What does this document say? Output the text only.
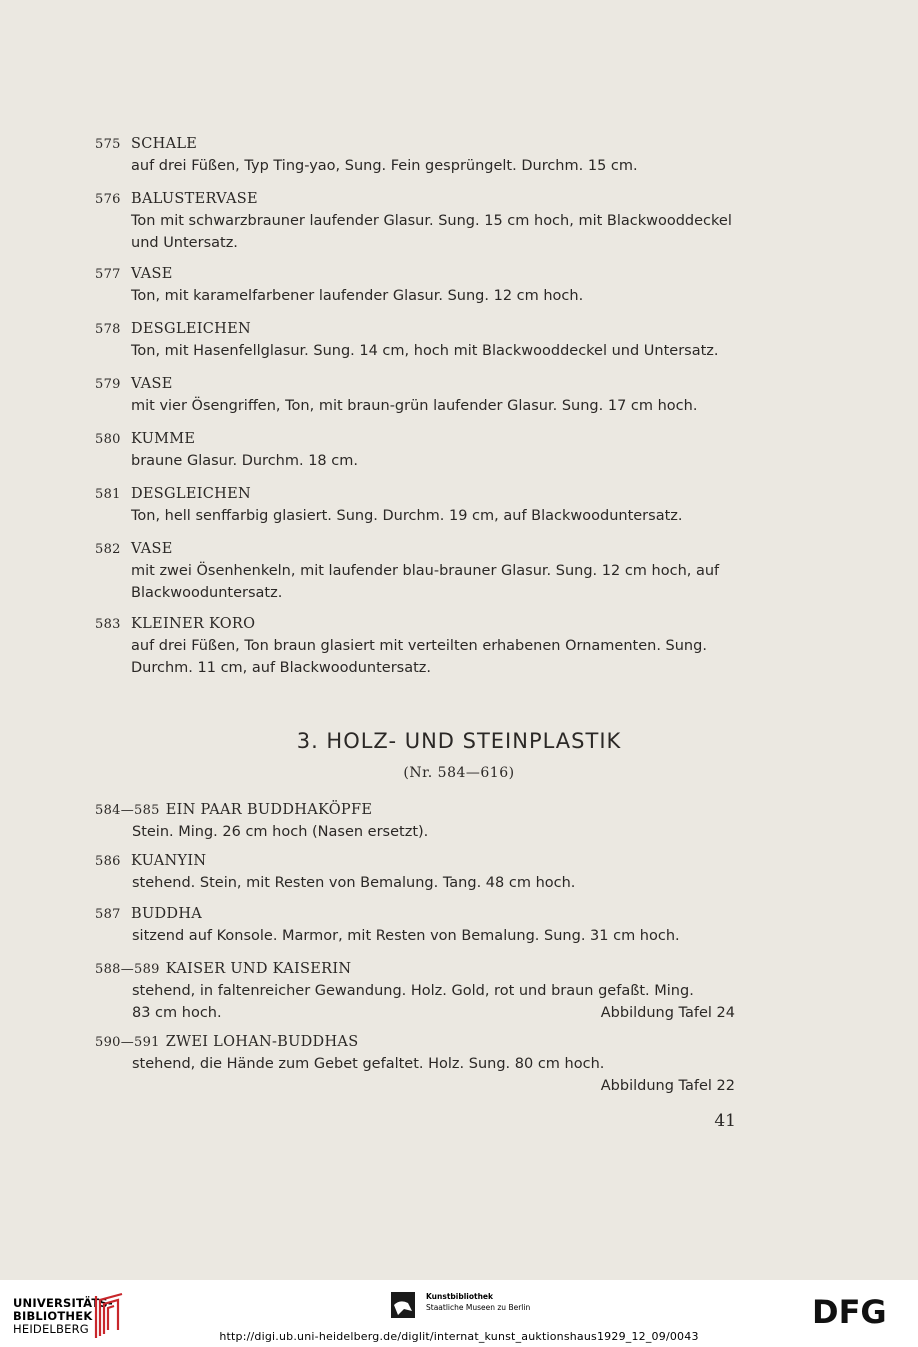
575 SCHALE
auf drei Füßen, Typ Ting-yao, Sung. Fein gesprüngelt. Durchm. 15 cm.
576 BALUSTERVASE
Ton mit schwarzbrauner laufender Glasur. Sung. 15 cm hoch, mit Blackwooddeckel
und Untersatz.
577 VASE
Ton, mit karamelfarbener laufender Glasur. Sung. 12 cm hoch.
578 DESGLEICHEN
Ton, mit Hasenfellglasur. Sung. 14 cm, hoch mit Blackwooddeckel und Untersatz.
579 VASE
mit vier Ösengriffen, Ton, mit braun-grün laufender Glasur. Sung. 17 cm hoch.
580 KUMME
braune Glasur. Durchm. 18 cm.
581 DESGLEICHEN
Ton, hell senffarbig glasiert. Sung. Durchm. 19 cm, auf Blackwooduntersatz.
582 VASE
mit zwei Ösenhenkeln, mit laufender blau-brauner Glasur. Sung. 12 cm hoch, auf
Blackwooduntersatz.
583 KLEINER KORO
auf drei Füßen, Ton braun glasiert mit verteilten erhabenen Ornamenten. Sung.
Durchm. 11 cm, auf Blackwooduntersatz.
3. HOLZ- UND STEINPLASTIK
(Nr. 584—616)
584—585 EIN PAAR BUDDHAKÖPFE
Stein. Ming. 26 cm hoch (Nasen ersetzt).
586 KUANYIN
stehend. Stein, mit Resten von Bemalung. Tang. 48 cm hoch.
587 BUDDHA
sitzend auf Konsole. Marmor, mit Resten von Bemalung. Sung. 31 cm hoch.
588—589 KAISER UND KAISERIN
stehend, in faltenreicher Gewandung. Holz. Gold, rot und braun gefaßt. Ming.
83 cm hoch.	Abbildung Tafel 24
590—591 ZWEI LOHAN-BUDDHAS
stehend, die Hände zum Gebet gefaltet. Holz. Sung. 80 cm hoch.
Abbildung Tafel 22
41
UNIVERSITÄTS-
BIBLIOTHEK
HEIDELBERG
Kunstbibliothek
Staatliche Museen zu Berlin	DFG
http://digi.ub.uni-heidelberg.de/diglit/internat_kunst_auktionshaus1929_12_09/0043
